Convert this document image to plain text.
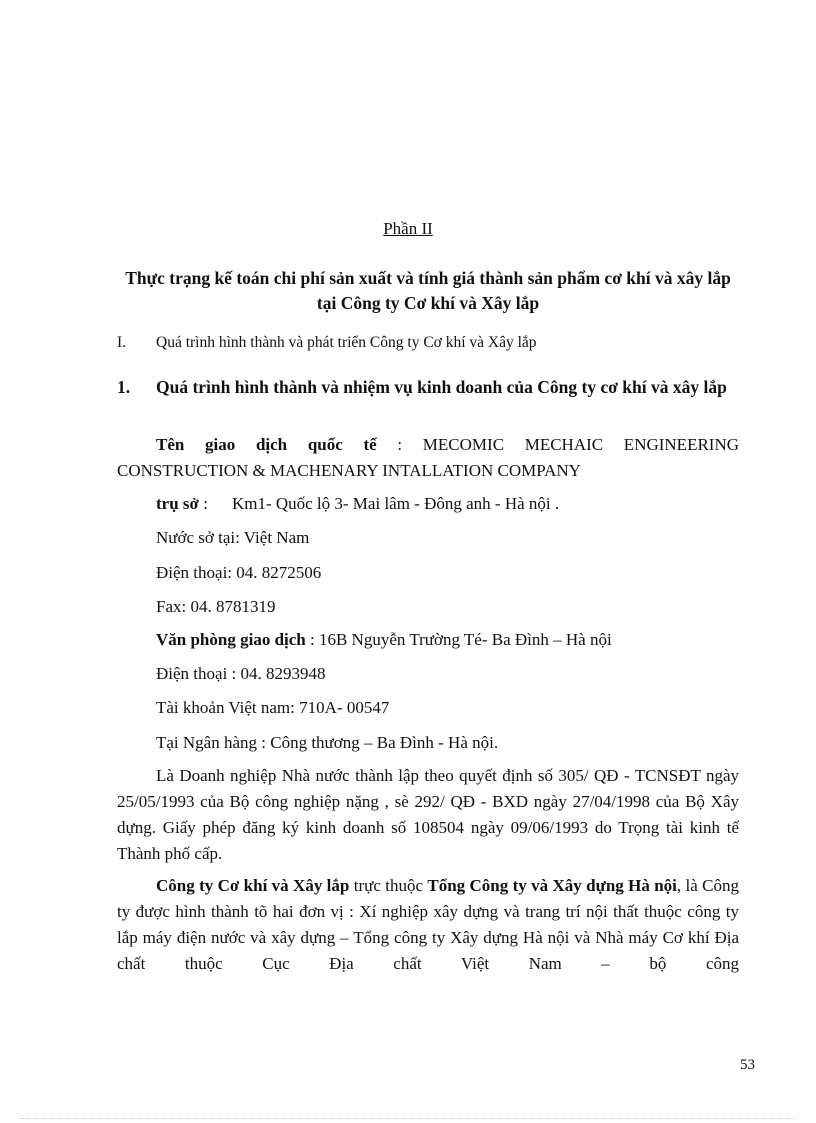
Phần II
Thực trạng kế toán chi phí sản xuất và tính giá thành sản phẩm cơ khí và xây lắp tại Công ty Cơ khí và Xây lắp

I. Quá trình hình thành và phát triển Công ty Cơ khí và Xây lắp

1. Quá trình hình thành và nhiệm vụ kinh doanh của Công ty cơ khí và xây lắp

Tên giao dịch quốc tế : MECOMIC MECHAIC ENGINEERING CONSTRUCTION & MACHENARY INTALLATION COMPANY

trụ sở : Km1- Quốc lộ 3- Mai lâm - Đông anh - Hà nội .

Nước sở tại: Việt Nam

Điện thoại: 04. 8272506

Fax: 04. 8781319

Văn phòng giao dịch : 16B Nguyễn Trường Té- Ba Đình – Hà nội

Điện thoại : 04. 8293948

Tài khoản Việt nam: 710A- 00547

Tại Ngân hàng : Công thương – Ba Đình - Hà nội.

Là Doanh nghiệp Nhà nước thành lập theo quyết định số 305/ QĐ - TCNSĐT ngày 25/05/1993 của Bộ công nghiệp nặng , sè 292/ QĐ - BXD ngày 27/04/1998 của Bộ Xây dựng. Giấy phép đăng ký kinh doanh số 108504 ngày 09/06/1993 do Trọng tài kinh tế Thành phố cấp.

Công ty Cơ khí và Xây lắp trực thuộc Tổng Công ty và Xây dựng Hà nội, là Công ty được hình thành tõ hai đơn vị : Xí nghiệp xây dựng và trang trí nội thất thuộc công ty lắp máy điện nước và xây dựng – Tổng công ty Xây dựng Hà nội và Nhà máy Cơ khí Địa chất thuộc Cục Địa chất Việt Nam – bộ công

53
